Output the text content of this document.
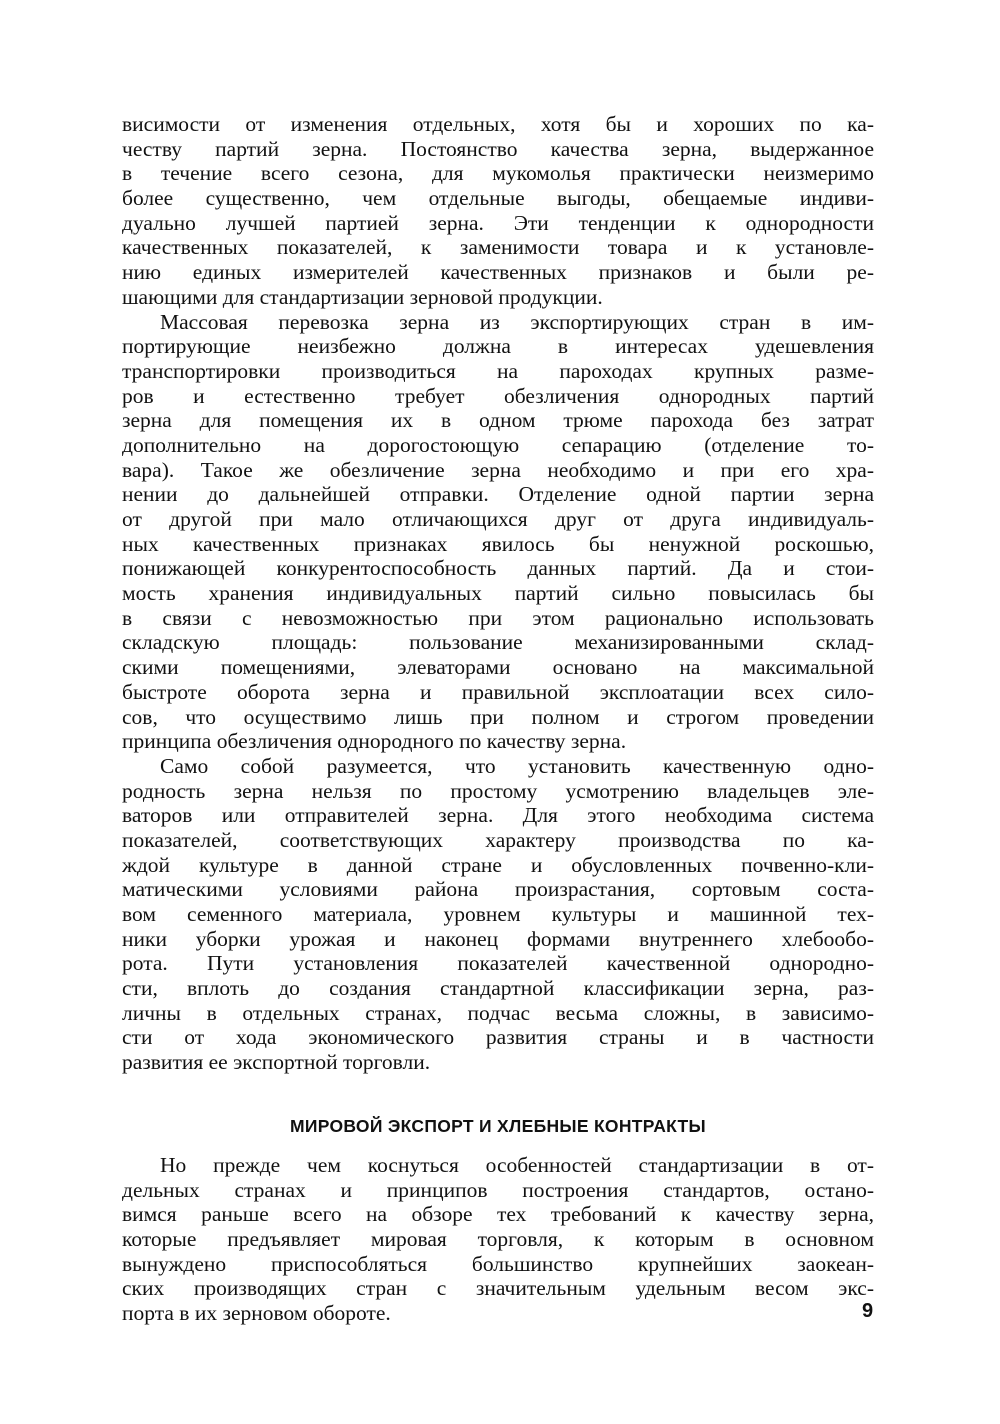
висимости от изменения отдельных, хотя бы и хороших по ка-
честву партий зерна. Постоянство качества зерна, выдержанное
в течение всего сезона, для мукомолья практически неизмеримо
более существенно, чем отдельные выгоды, обещаемые индиви-
дуально лучшей партией зерна. Эти тенденции к однородности
качественных показателей, к заменимости товара и к установле-
нию единых измерителей качественных признаков и были ре-
шающими для стандартизации зерновой продукции.
Массовая перевозка зерна из экспортирующих стран в им-
портирующие неизбежно должна в интересах удешевления
транспортировки производиться на пароходах крупных разме-
ров и естественно требует обезличения однородных партий
зерна для помещения их в одном трюме парохода без затрат
дополнительно на дорогостоющую сепарацию (отделение то-
вара). Такое же обезличение зерна необходимо и при его хра-
нении до дальнейшей отправки. Отделение одной партии зерна
от другой при мало отличающихся друг от друга индивидуаль-
ных качественных признаках явилось бы ненужной роскошью,
понижающей конкурентоспособность данных партий. Да и стои-
мость хранения индивидуальных партий сильно повысилась бы
в связи с невозможностью при этом рационально использовать
складскую площадь: пользование механизированными склад-
скими помещениями, элеваторами основано на максимальной
быстроте оборота зерна и правильной эксплоатации всех сило-
сов, что осуществимо лишь при полном и строгом проведении
принципа обезличения однородного по качеству зерна.
Само собой разумеется, что установить качественную одно-
родность зерна нельзя по простому усмотрению владельцев эле-
ваторов или отправителей зерна. Для этого необходима система
показателей, соответствующих характеру производства по ка-
ждой культуре в данной стране и обусловленных почвенно-кли-
матическими условиями района произрастания, сортовым соста-
вом семенного материала, уровнем культуры и машинной тех-
ники уборки урожая и наконец формами внутреннего хлебообо-
рота. Пути установления показателей качественной однородно-
сти, вплоть до создания стандартной классификации зерна, раз-
личны в отдельных странах, подчас весьма сложны, в зависимо-
сти от хода экономического развития страны и в частности
развития ее экспортной торговли.
МИРОВОЙ ЭКСПОРТ И ХЛЕБНЫЕ КОНТРАКТЫ
Но прежде чем коснуться особенностей стандартизации в от-
дельных странах и принципов построения стандартов, остано-
вимся раньше всего на обзоре тех требований к качеству зерна,
которые предъявляет мировая торговля, к которым в основном
вынуждено приспособляться большинство крупнейших заокеан-
ских производящих стран с значительным удельным весом экс-
порта в их зерновом обороте.	9
